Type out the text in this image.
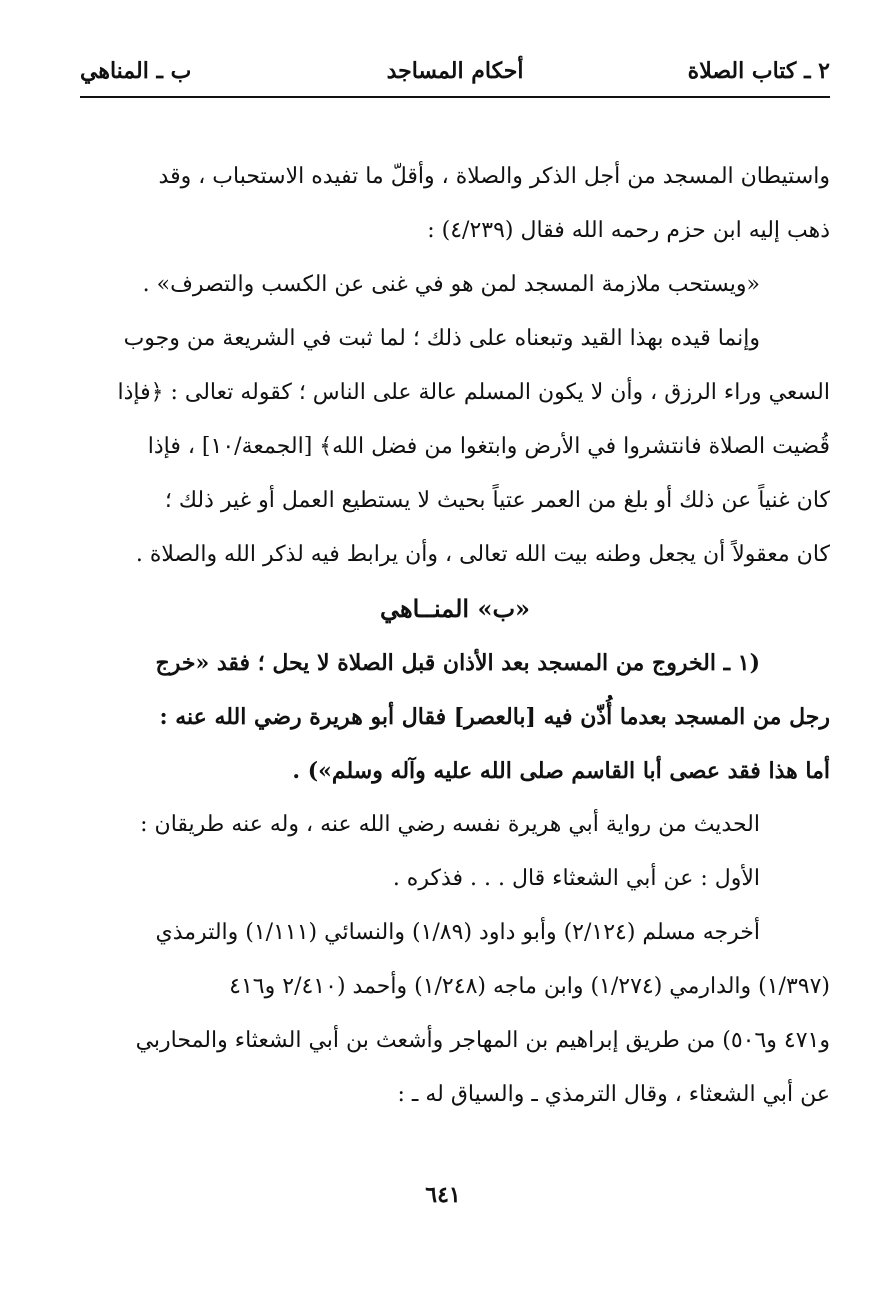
٢ ـ كتاب الصلاة
أحكام المساجد
ب ـ المناهي
واستيطان المسجد من أجل الذكر والصلاة ، وأقلّ ما تفيده الاستحباب ، وقد
ذهب إليه ابن حزم رحمه الله فقال (٤/٢٣٩) :
«ويستحب ملازمة المسجد لمن هو في غنى عن الكسب والتصرف» .
وإنما قيده بهذا القيد وتبعناه على ذلك ؛ لما ثبت في الشريعة من وجوب
السعي وراء الرزق ، وأن لا يكون المسلم عالة على الناس ؛ كقوله تعالى : ﴿فإذا
قُضيت الصلاة فانتشروا في الأرض وابتغوا من فضل الله﴾ [الجمعة/١٠] ، فإذا
كان غنياً عن ذلك أو بلغ من العمر عتياً بحيث لا يستطيع العمل أو غير ذلك ؛
كان معقولاً أن يجعل وطنه بيت الله تعالى ، وأن يرابط فيه لذكر الله والصلاة .
«ب» المنــاهي
(١ ـ الخروج من المسجد بعد الأذان قبل الصلاة لا يحل ؛ فقد «خرج
رجل من المسجد بعدما أُذّن فيه [بالعصر] فقال أبو هريرة رضي الله عنه :
أما هذا فقد عصى أبا القاسم صلى الله عليه وآله وسلم») .
الحديث من رواية أبي هريرة نفسه رضي الله عنه ، وله عنه طريقان :
الأول : عن أبي الشعثاء قال . . . فذكره .
أخرجه مسلم (٢/١٢٤) وأبو داود (١/٨٩) والنسائي (١/١١١) والترمذي
(١/٣٩٧) والدارمي (١/٢٧٤) وابن ماجه (١/٢٤٨) وأحمد (٢/٤١٠ و٤١٦
و٤٧١ و٥٠٦) من طريق إبراهيم بن المهاجر وأشعث بن أبي الشعثاء والمحاربي
عن أبي الشعثاء ، وقال الترمذي ـ والسياق له ـ :
٦٤١
